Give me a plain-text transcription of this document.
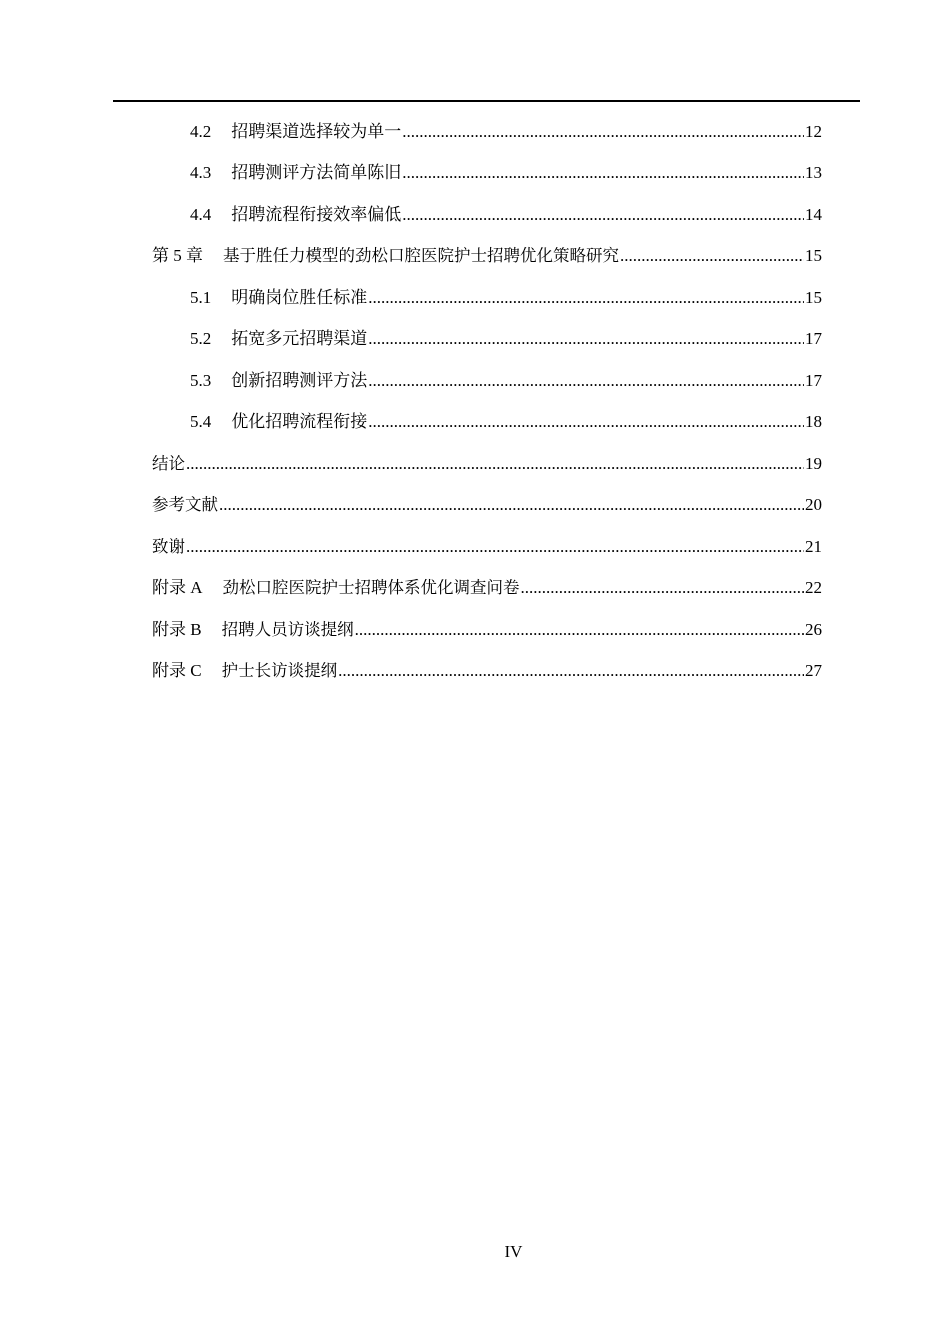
4.2 招聘渠道选择较为单一 .....	12
4.3 招聘测评方法简单陈旧 .....	13
4.4 招聘流程衔接效率偏低 .....	14
第 5 章 基于胜任力模型的劲松口腔医院护士招聘优化策略研究 .....	15
5.1 明确岗位胜任标准 .....	15
5.2 拓宽多元招聘渠道 .....	17
5.3 创新招聘测评方法 .....	17
5.4 优化招聘流程衔接 .....	18
结论 .....	19
参考文献 .....	20
致谢 .....	21
附录 A 劲松口腔医院护士招聘体系优化调查问卷 .....	22
附录 B 招聘人员访谈提纲 .....	26
附录 C 护士长访谈提纲 .....	27
IV
